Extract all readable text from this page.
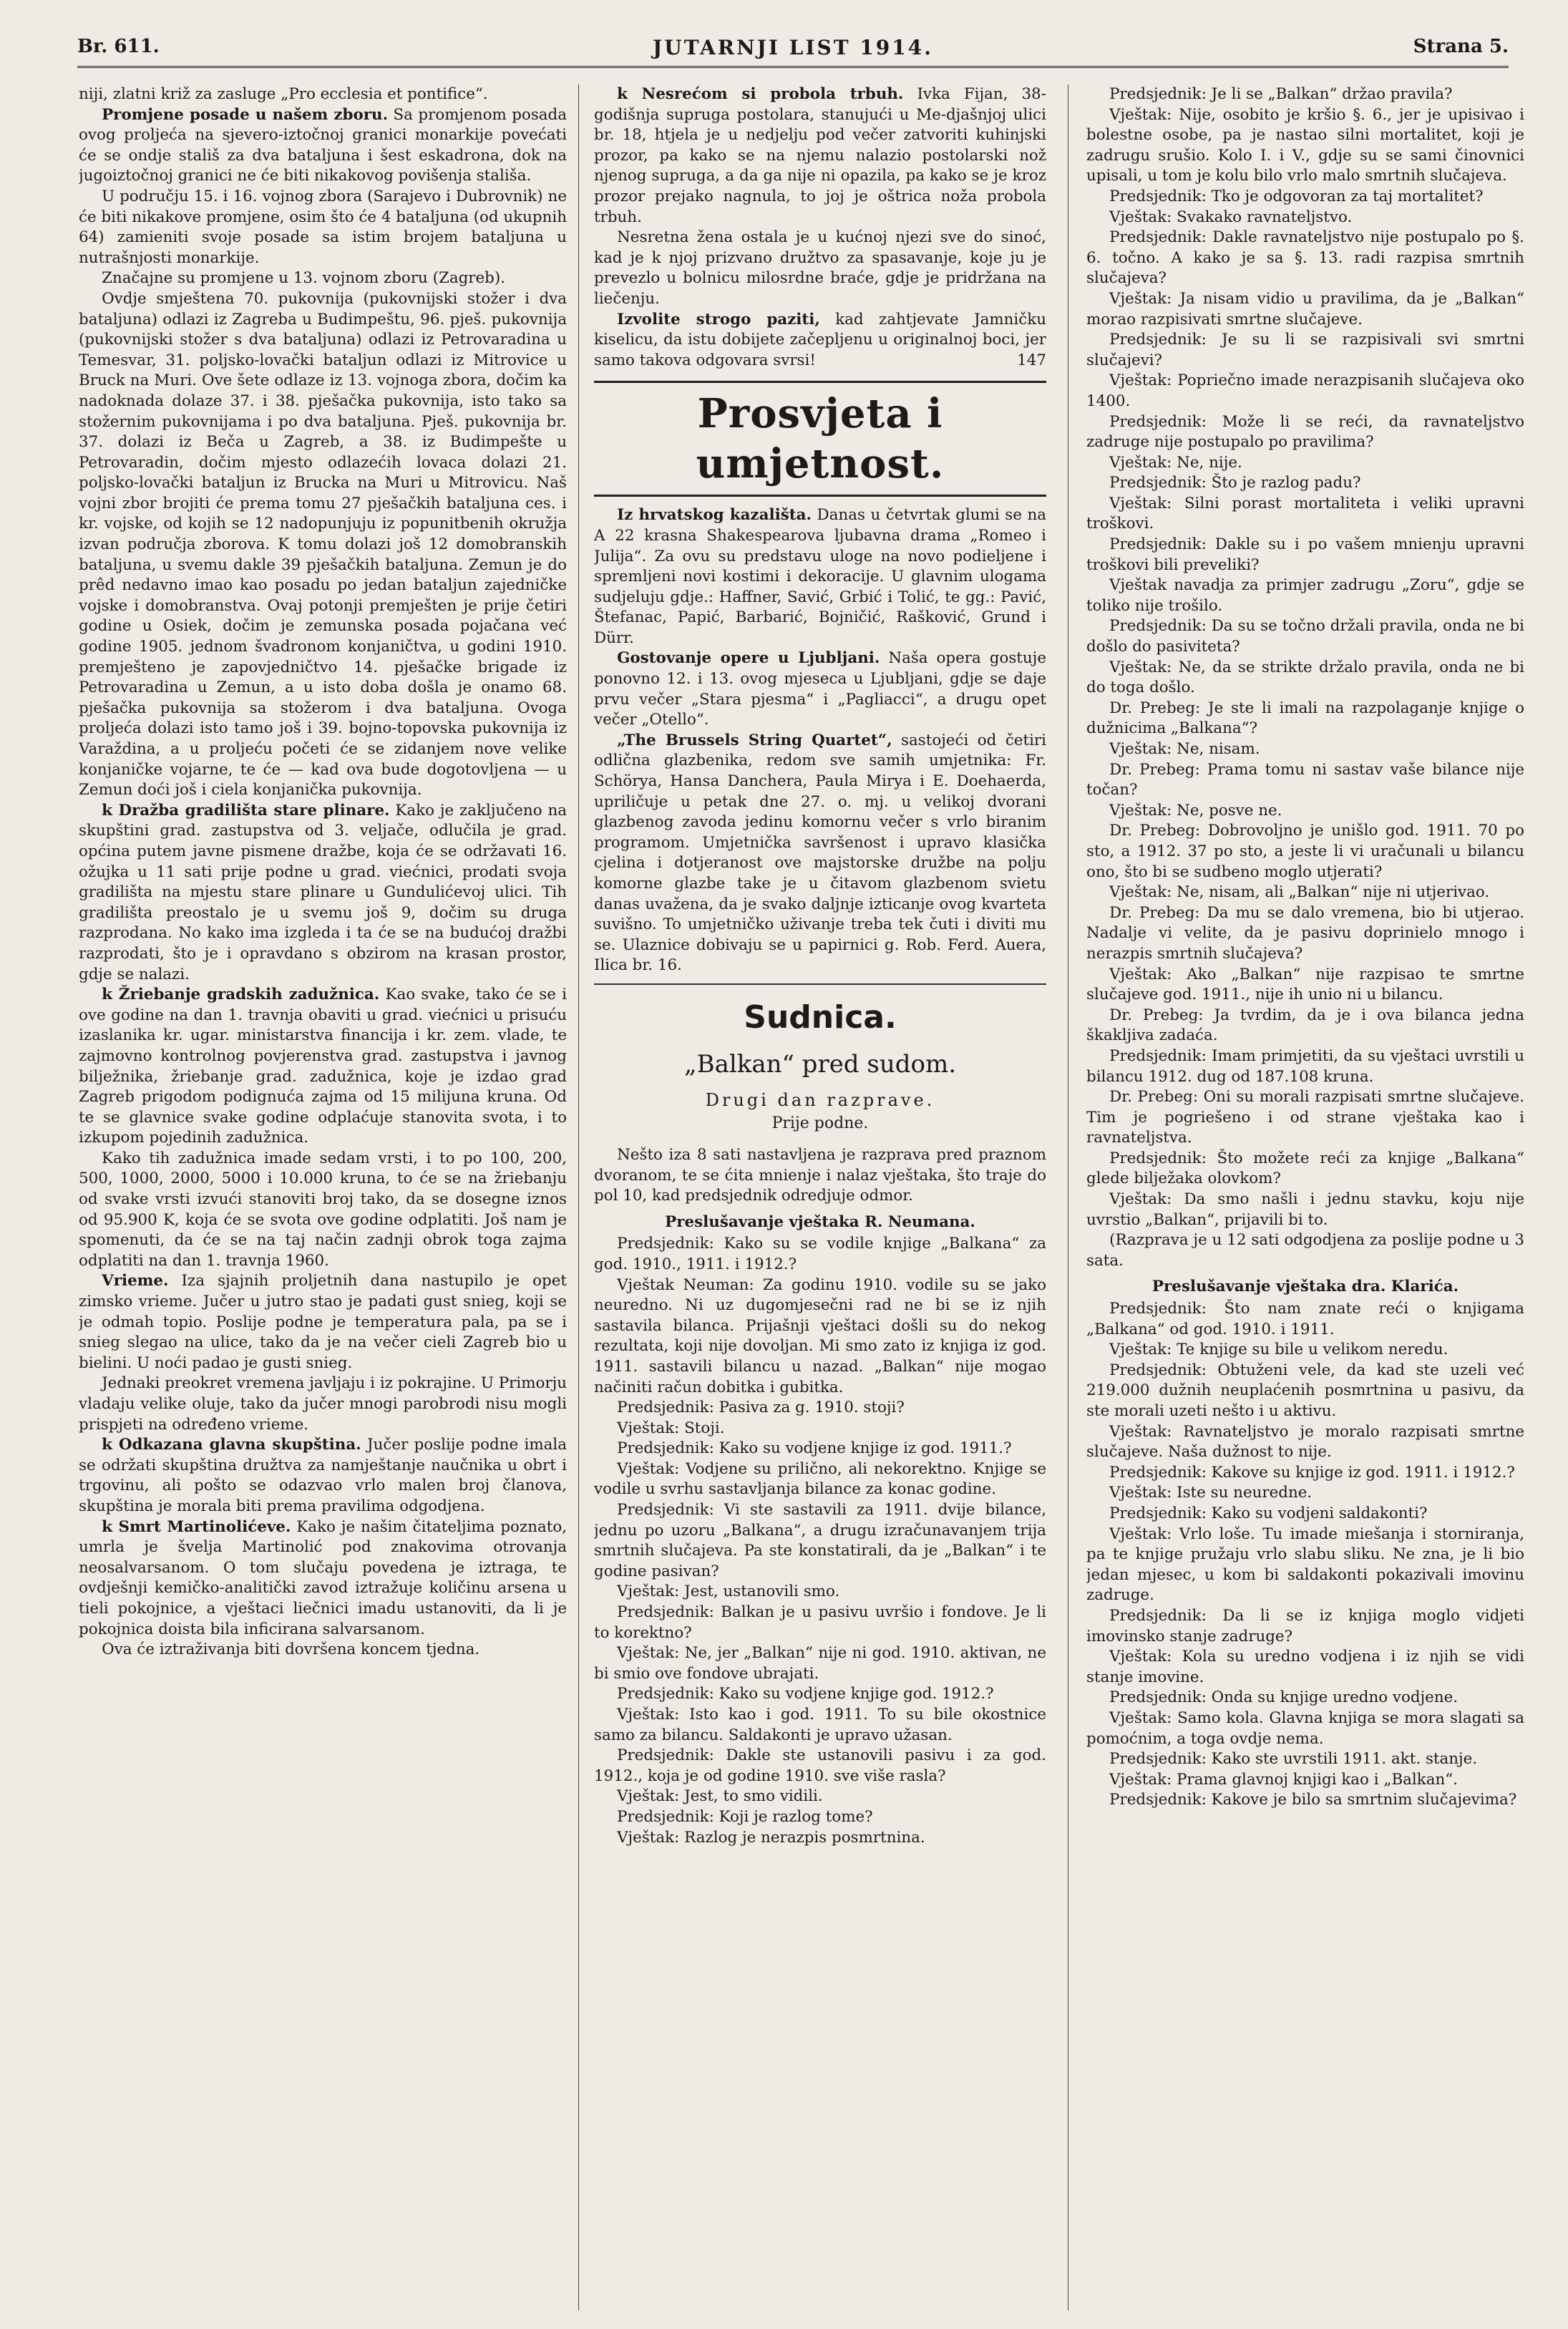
Br. 611.	JUTARNJI LIST 1914.	Strana 5.

niji, zlatni križ za zasluge „Pro ecclesia et pontifice“.

Promjene posade u našem zboru. Sa promjenom posada ovog proljeća na sjevero-iztočnoj granici monarkije povećati će se ondje stališ za dva bataljuna i šest eskadrona, dok na jugoiztočnoj granici ne će biti nikakovog povišenja stališa.

U području 15. i 16. vojnog zbora (Sarajevo i Dubrovnik) ne će biti nikakove promjene, osim što će 4 bataljuna (od ukupnih 64) zamieniti svoje posade sa istim brojem bataljuna u nutrašnjosti monarkije.

Značajne su promjene u 13. vojnom zboru (Zagreb).

Ovdje smještena 70. pukovnija (pukovnijski stožer i dva bataljuna) odlazi iz Zagreba u Budimpeštu, 96. pješ. pukovnija (pukovnijski stožer s dva bataljuna) odlazi iz Petrovaradina u Temesvar, 31. poljsko-lovački bataljun odlazi iz Mitrovice u Bruck na Muri. Ove šete odlaze iz 13. vojnoga zbora, dočim ka nadoknada dolaze 37. i 38. pješačka pukovnija, isto tako sa stožernim pukovnijama i po dva bataljuna. Pješ. pukovnija br. 37. dolazi iz Beča u Zagreb, a 38. iz Budimpešte u Petrovaradin, dočim mjesto odlazećih lovaca dolazi 21. poljsko-lovački bataljun iz Brucka na Muri u Mitrovicu. Naš vojni zbor brojiti će prema tomu 27 pješačkih bataljuna ces. i kr. vojske, od kojih se 12 nadopunjuju iz popunitbenih okružja izvan područja zborova. K tomu dolazi još 12 domobranskih bataljuna, u svemu dakle 39 pješačkih bataljuna. Zemun je do prêd nedavno imao kao posadu po jedan bataljun zajedničke vojske i domobranstva. Ovaj potonji premješten je prije četiri godine u Osiek, dočim je zemunska posada pojačana već godine 1905. jednom švadronom konjaničtva, u godini 1910. premješteno je zapovjedničtvo 14. pješačke brigade iz Petrovaradina u Zemun, a u isto doba došla je onamo 68. pješačka pukovnija sa stožerom i dva bataljuna. Ovoga proljeća dolazi isto tamo još i 39. bojno-topovska pukovnija iz Varaždina, a u proljeću početi će se zidanjem nove velike konjaničke vojarne, te će — kad ova bude dogotovljena — u Zemun doći još i ciela konjanička pukovnija.

k Dražba gradilišta stare plinare. Kako je zaključeno na skupštini grad. zastupstva od 3. veljače, odlučila je grad. općina putem javne pismene dražbe, koja će se održavati 16. ožujka u 11 sati prije podne u grad. viećnici, prodati svoja gradilišta na mjestu stare plinare u Gundulićevoj ulici. Tih gradilišta preostalo je u svemu još 9, dočim su druga razprodana. No kako ima izgleda i ta će se na budućoj dražbi razprodati, što je i opravdano s obzirom na krasan prostor, gdje se nalazi.

k Žriebanje gradskih zadužnica. Kao svake, tako će se i ove godine na dan 1. travnja obaviti u grad. viećnici u prisuću izaslanika kr. ugar. ministarstva financija i kr. zem. vlade, te zajmovno kontrolnog povjerenstva grad. zastupstva i javnog bilježnika, žriebanje grad. zadužnica, koje je izdao grad Zagreb prigodom podignuća zajma od 15 milijuna kruna. Od te se glavnice svake godine odplaćuje stanovita svota, i to izkupom pojedinih zadužnica.

Kako tih zadužnica imade sedam vrsti, i to po 100, 200, 500, 1000, 2000, 5000 i 10.000 kruna, to će se na žriebanju od svake vrsti izvući stanoviti broj tako, da se dosegne iznos od 95.900 K, koja će se svota ove godine odplatiti. Još nam je spomenuti, da će se na taj način zadnji obrok toga zajma odplatiti na dan 1. travnja 1960.

Vrieme. Iza sjajnih proljetnih dana nastupilo je opet zimsko vrieme. Jučer u jutro stao je padati gust snieg, koji se je odmah topio. Poslije podne je temperatura pala, pa se i snieg slegao na ulice, tako da je na večer cieli Zagreb bio u bielini. U noći padao je gusti snieg.

Jednaki preokret vremena javljaju i iz pokrajine. U Primorju vladaju velike oluje, tako da jučer mnogi parobrodi nisu mogli prispjeti na određeno vrieme.

k Odkazana glavna skupština. Jučer poslije podne imala se održati skupština družtva za namještanje naučnika u obrt i trgovinu, ali pošto se odazvao vrlo malen broj članova, skupština je morala biti prema pravilima odgodjena.

k Smrt Martinolićeve. Kako je našim čitateljima poznato, umrla je švelja Martinolić pod znakovima otrovanja neosalvarsanom. O tom slučaju povedena je iztraga, te ovdješnji kemičko-analitički zavod iztražuje količinu arsena u tieli pokojnice, a vještaci liečnici imadu ustanoviti, da li je pokojnica doista bila inficirana salvarsanom.

Ova će iztraživanja biti dovršena koncem tjedna.

k Nesrećom si probola trbuh. Ivka Fijan, 38-godišnja supruga postolara, stanujući u Me-djašnjoj ulici br. 18, htjela je u nedjelju pod večer zatvoriti kuhinjski prozor, pa kako se na njemu nalazio postolarski nož njenog supruga, a da ga nije ni opazila, pa kako se je kroz prozor prejako nagnula, to joj je oštrica noža probola trbuh.

Nesretna žena ostala je u kućnoj njezi sve do sinoć, kad je k njoj prizvano družtvo za spasavanje, koje ju je prevezlo u bolnicu milosrdne braće, gdje je pridržana na liečenju.

Izvolite strogo paziti, kad zahtjevate Jamničku kiselicu, da istu dobijete začepljenu u originalnoj boci, jer samo takova odgovara svrsi!	147

Prosvjeta i umjetnost.

Iz hrvatskog kazališta. Danas u četvrtak glumi se na A 22 krasna Shakespearova ljubavna drama „Romeo i Julija“. Za ovu su predstavu uloge na novo podieljene i spremljeni novi kostimi i dekoracije. U glavnim ulogama sudjeluju gdje.: Haffner, Savić, Grbić i Tolić, te gg.: Pavić, Štefanac, Papić, Barbarić, Bojničić, Rašković, Grund i Dürr.

Gostovanje opere u Ljubljani. Naša opera gostuje ponovno 12. i 13. ovog mjeseca u Ljubljani, gdje se daje prvu večer „Stara pjesma“ i „Pagliacci“, a drugu opet večer „Otello“.

„The Brussels String Quartet“, sastojeći od četiri odlična glazbenika, redom sve samih umjetnika: Fr. Schörya, Hansa Danchera, Paula Mirya i E. Doehaerda, upriličuje u petak dne 27. o. mj. u velikoj dvorani glazbenog zavoda jedinu komornu večer s vrlo biranim programom. Umjetnička savršenost i upravo klasička cjelina i dotjeranost ove majstorske družbe na polju komorne glazbe take je u čitavom glazbenom svietu danas uvažena, da je svako daljnje izticanje ovog kvarteta suvišno. To umjetničko uživanje treba tek čuti i diviti mu se. Ulaznice dobivaju se u papirnici g. Rob. Ferd. Auera, Ilica br. 16.

Sudnica.

„Balkan“ pred sudom.

Drugi dan razprave.

Prije podne.

Nešto iza 8 sati nastavljena je razprava pred praznom dvoranom, te se ćita mnienje i nalaz vještaka, što traje do pol 10, kad predsjednik odredjuje odmor.

Preslušavanje vještaka R. Neumana.

Predsjednik: Kako su se vodile knjige „Balkana“ za god. 1910., 1911. i 1912.?

Vještak Neuman: Za godinu 1910. vodile su se jako neuredno. Ni uz dugomjesečni rad ne bi se iz njih sastavila bilanca. Prijašnji vještaci došli su do nekog rezultata, koji nije dovoljan. Mi smo zato iz knjiga iz god. 1911. sastavili bilancu u nazad. „Balkan“ nije mogao načiniti račun dobitka i gubitka.

Predsjednik: Pasiva za g. 1910. stoji?

Vještak: Stoji.

Predsjednik: Kako su vodjene knjige iz god. 1911.?

Vještak: Vodjene su prilično, ali nekorektno. Knjige se vodile u svrhu sastavljanja bilance za konac godine.

Predsjednik: Vi ste sastavili za 1911. dvije bilance, jednu po uzoru „Balkana“, a drugu izračunavanjem trija smrtnih slučajeva. Pa ste konstatirali, da je „Balkan“ i te godine pasivan?

Vještak: Jest, ustanovili smo.

Predsjednik: Balkan je u pasivu uvršio i fondove. Je li to korektno?

Vještak: Ne, jer „Balkan“ nije ni god. 1910. aktivan, ne bi smio ove fondove ubrajati.

Predsjednik: Kako su vodjene knjige god. 1912.?

Vještak: Isto kao i god. 1911. To su bile okostnice samo za bilancu. Saldakonti je upravo užasan.

Predsjednik: Dakle ste ustanovili pasivu i za god. 1912., koja je od godine 1910. sve više rasla?

Vještak: Jest, to smo vidili.

Predsjednik: Koji je razlog tome?

Vještak: Razlog je nerazpis posmrtnina.

Predsjednik: Je li se „Balkan“ držao pravila?

Vještak: Nije, osobito je kršio §. 6., jer je upisivao i bolestne osobe, pa je nastao silni mortalitet, koji je zadrugu srušio. Kolo I. i V., gdje su se sami činovnici upisali, u tom je kolu bilo vrlo malo smrtnih slučajeva.

Predsjednik: Tko je odgovoran za taj mortalitet?

Vještak: Svakako ravnateljstvo.

Predsjednik: Dakle ravnateljstvo nije postupalo po §. 6. točno. A kako je sa §. 13. radi razpisa smrtnih slučajeva?

Vještak: Ja nisam vidio u pravilima, da je „Balkan“ morao razpisivati smrtne slučajeve.

Predsjednik: Je su li se razpisivali svi smrtni slučajevi?

Vještak: Popriečno imade nerazpisanih slučajeva oko 1400.

Predsjednik: Može li se reći, da ravnateljstvo zadruge nije postupalo po pravilima?

Vještak: Ne, nije.

Predsjednik: Što je razlog padu?

Vještak: Silni porast mortaliteta i veliki upravni troškovi.

Predsjednik: Dakle su i po vašem mnienju upravni troškovi bili preveliki?

Vještak navadja za primjer zadrugu „Zoru“, gdje se toliko nije trošilo.

Predsjednik: Da su se točno držali pravila, onda ne bi došlo do pasiviteta?

Vještak: Ne, da se strikte držalo pravila, onda ne bi do toga došlo.

Dr. Prebeg: Je ste li imali na razpolaganje knjige o dužnicima „Balkana“?

Vještak: Ne, nisam.

Dr. Prebeg: Prama tomu ni sastav vaše bilance nije točan?

Vještak: Ne, posve ne.

Dr. Prebeg: Dobrovoljno je unišlo god. 1911. 70 po sto, a 1912. 37 po sto, a jeste li vi uračunali u bilancu ono, što bi se sudbeno moglo utjerati?

Vještak: Ne, nisam, ali „Balkan“ nije ni utjerivao.

Dr. Prebeg: Da mu se dalo vremena, bio bi utjerao. Nadalje vi velite, da je pasivu doprinielo mnogo i nerazpis smrtnih slučajeva?

Vještak: Ako „Balkan“ nije razpisao te smrtne slučajeve god. 1911., nije ih unio ni u bilancu.

Dr. Prebeg: Ja tvrdim, da je i ova bilanca jedna škakljiva zadaća.

Predsjednik: Imam primjetiti, da su vještaci uvrstili u bilancu 1912. dug od 187.108 kruna.

Dr. Prebeg: Oni su morali razpisati smrtne slučajeve. Tim je pogriešeno i od strane vještaka kao i ravnateljstva.

Predsjednik: Što možete reći za knjige „Balkana“ glede bilježaka olovkom?

Vještak: Da smo našli i jednu stavku, koju nije uvrstio „Balkan“, prijavili bi to.

(Razprava je u 12 sati odgodjena za poslije podne u 3 sata.

Preslušavanje vještaka dra. Klarića.

Predsjednik: Što nam znate reći o knjigama „Balkana“ od god. 1910. i 1911.

Vještak: Te knjige su bile u velikom neredu.

Predsjednik: Obtuženi vele, da kad ste uzeli već 219.000 dužnih neuplaćenih posmrtnina u pasivu, da ste morali uzeti nešto i u aktivu.

Vještak: Ravnateljstvo je moralo razpisati smrtne slučajeve. Naša dužnost to nije.

Predsjednik: Kakove su knjige iz god. 1911. i 1912.?

Vještak: Iste su neuredne.

Predsjednik: Kako su vodjeni saldakonti?

Vještak: Vrlo loše. Tu imade miešanja i storniranja, pa te knjige pružaju vrlo slabu sliku. Ne zna, je li bio jedan mjesec, u kom bi saldakonti pokazivali imovinu zadruge.

Predsjednik: Da li se iz knjiga moglo vidjeti imovinsko stanje zadruge?

Vještak: Kola su uredno vodjena i iz njih se vidi stanje imovine.

Predsjednik: Onda su knjige uredno vodjene.

Vještak: Samo kola. Glavna knjiga se mora slagati sa pomoćnim, a toga ovdje nema.

Predsjednik: Kako ste uvrstili 1911. akt. stanje.

Vještak: Prama glavnoj knjigi kao i „Balkan“.

Predsjednik: Kakove je bilo sa smrtnim slučajevima?
